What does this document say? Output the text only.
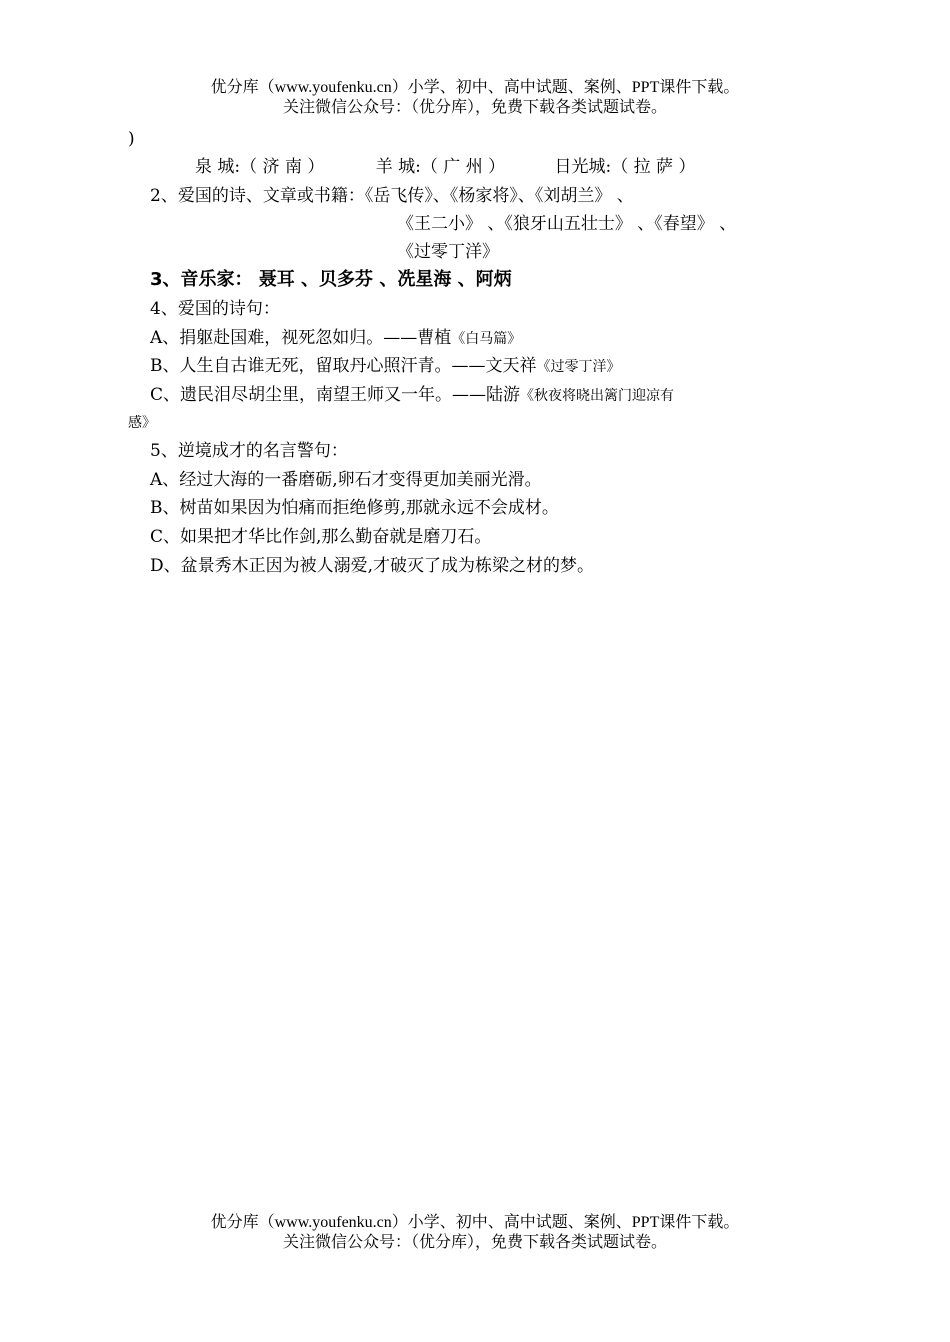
优分库（www.youfenku.cn）小学、初中、高中试题、案例、PPT课件下载。
关注微信公众号：（优分库），免费下载各类试题试卷。
)
泉 城:（ 济 南 ）	羊 城:（ 广 州 ）	日光城:（ 拉 萨 ）
2、爱国的诗、文章或书籍：《岳飞传》、《杨家将》、《刘胡兰》 、
《王二小》 、《狼牙山五壮士》 、《春望》 、
《过零丁洋》
3、音乐家： 聂耳 、贝多芬 、冼星海 、阿炳
4、爱国的诗句：
A、捐躯赴国难，视死忽如归。——曹植《白马篇》
B、人生自古谁无死，留取丹心照汗青。——文天祥《过零丁洋》
C、遗民泪尽胡尘里，南望王师又一年。——陆游《秋夜将晓出篱门迎凉有
感》
5、逆境成才的名言警句：
A、经过大海的一番磨砺,卵石才变得更加美丽光滑。
B、树苗如果因为怕痛而拒绝修剪,那就永远不会成材。
C、如果把才华比作剑,那么勤奋就是磨刀石。
D、盆景秀木正因为被人溺爱,才破灭了成为栋梁之材的梦。
优分库（www.youfenku.cn）小学、初中、高中试题、案例、PPT课件下载。
关注微信公众号：（优分库），免费下载各类试题试卷。
